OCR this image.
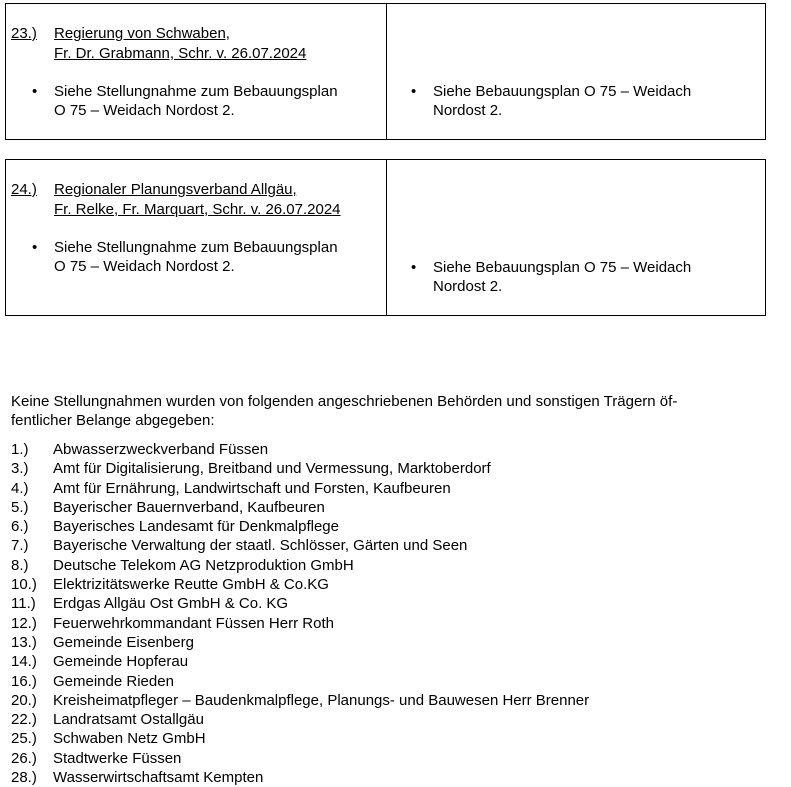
23.) Regierung von Schwaben,
Fr. Dr. Grabmann, Schr. v. 26.07.2024
• Siehe Stellungnahme zum Bebauungsplan
O 75 – Weidach Nordost 2.
• Siehe Bebauungsplan O 75 – Weidach
Nordost 2.
24.) Regionaler Planungsverband Allgäu,
Fr. Relke, Fr. Marquart, Schr. v. 26.07.2024
• Siehe Stellungnahme zum Bebauungsplan
O 75 – Weidach Nordost 2.	• Siehe Bebauungsplan O 75 – Weidach
Nordost 2.

Keine Stellungnahmen wurden von folgenden angeschriebenen Behörden und sonstigen Trägern öf-

fentlicher Belange abgegeben:

1.) Abwasserzweckverband Füssen
3.) Amt für Digitalisierung, Breitband und Vermessung, Marktoberdorf
4.) Amt für Ernährung, Landwirtschaft und Forsten, Kaufbeuren
5.) Bayerischer Bauernverband, Kaufbeuren
6.) Bayerisches Landesamt für Denkmalpflege
7.) Bayerische Verwaltung der staatl. Schlösser, Gärten und Seen
8.) Deutsche Telekom AG Netzproduktion GmbH
10.) Elektrizitätswerke Reutte GmbH & Co.KG
11.) Erdgas Allgäu Ost GmbH & Co. KG
12.) Feuerwehrkommandant Füssen Herr Roth
13.) Gemeinde Eisenberg
14.) Gemeinde Hopferau
16.) Gemeinde Rieden
20.) Kreisheimatpfleger – Baudenkmalpflege, Planungs- und Bauwesen Herr Brenner
22.) Landratsamt Ostallgäu
25.) Schwaben Netz GmbH
26.) Stadtwerke Füssen
28.) Wasserwirtschaftsamt Kempten
